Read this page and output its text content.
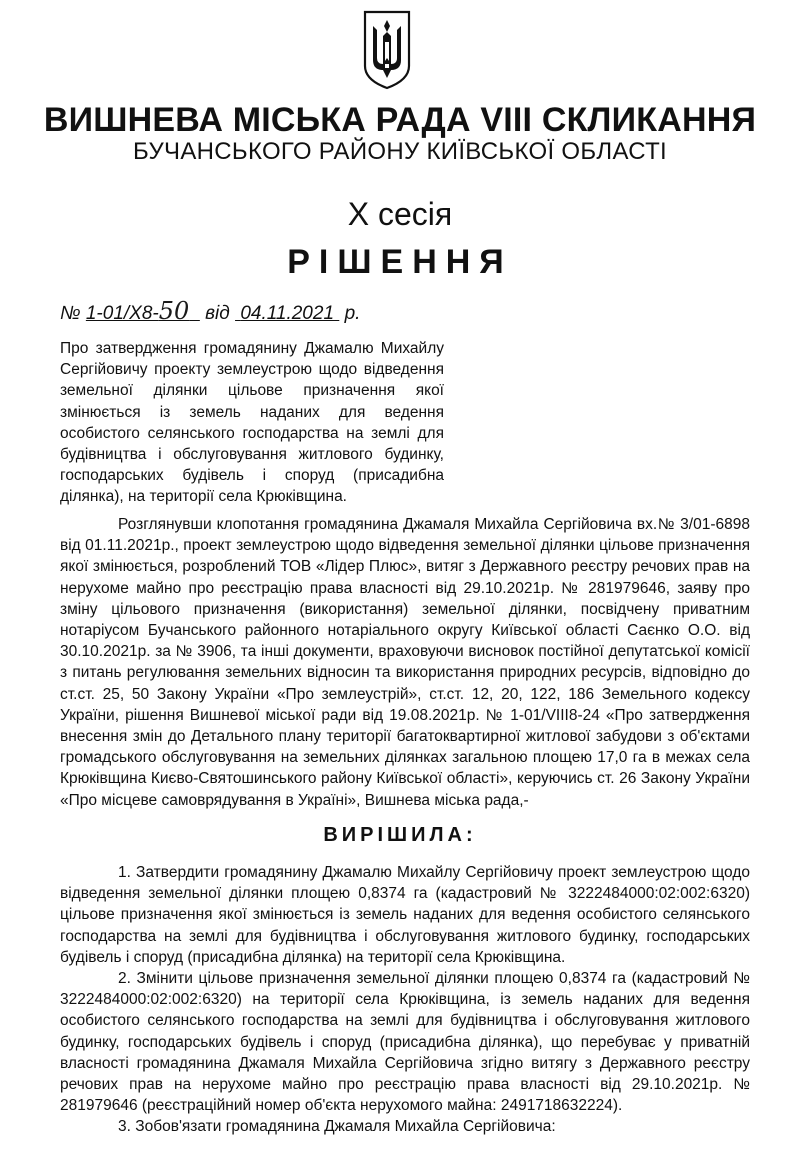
ВИШНЕВА МІСЬКА РАДА VIII СКЛИКАННЯ
БУЧАНСЬКОГО РАЙОНУ КИЇВСЬКОЇ ОБЛАСТІ
Х сесія
РІШЕННЯ
№ 1-01/Х8-50 від 04.11.2021 р.
Про затвердження громадянину Джамалю Михайлу Сергійовичу проекту землеустрою щодо відведення земельної ділянки цільове призначення якої змінюється із земель наданих для ведення особистого селянського господарства на землі для будівництва і обслуговування житлового будинку, господарських будівель і споруд (присадибна ділянка), на території села Крюківщина.
Розглянувши клопотання громадянина Джамаля Михайла Сергійовича вх.№ 3/01-6898 від 01.11.2021р., проект землеустрою щодо відведення земельної ділянки цільове призначення якої змінюється, розроблений ТОВ «Лідер Плюс», витяг з Державного реєстру речових прав на нерухоме майно про реєстрацію права власності від 29.10.2021р. № 281979646, заяву про зміну цільового призначення (використання) земельної ділянки, посвідчену приватним нотаріусом Бучанського районного нотаріального округу Київської області Саєнко О.О. від 30.10.2021р. за № 3906, та інші документи, враховуючи висновок постійної депутатської комісії з питань регулювання земельних відносин та використання природних ресурсів, відповідно до ст.ст. 25, 50 Закону України «Про землеустрій», ст.ст. 12, 20, 122, 186 Земельного кодексу України, рішення Вишневої міської ради від 19.08.2021р. № 1-01/VIII8-24 «Про затвердження внесення змін до Детального плану території багатоквартирної житлової забудови з об'єктами громадського обслуговування на земельних ділянках загальною площею 17,0 га в межах села Крюківщина Києво-Святошинського району Київської області», керуючись ст. 26 Закону України «Про місцеве самоврядування в Україні», Вишнева міська рада,-
ВИРІШИЛА:

1. Затвердити громадянину Джамалю Михайлу Сергійовичу проект землеустрою щодо відведення земельної ділянки площею 0,8374 га (кадастровий № 3222484000:02:002:6320) цільове призначення якої змінюється із земель наданих для ведення особистого селянського господарства на землі для будівництва і обслуговування житлового будинку, господарських будівель і споруд (присадибна ділянка) на території села Крюківщина.

2. Змінити цільове призначення земельної ділянки площею 0,8374 га (кадастровий № 3222484000:02:002:6320) на території села Крюківщина, із земель наданих для ведення особистого селянського господарства на землі для будівництва і обслуговування житлового будинку, господарських будівель і споруд (присадибна ділянка), що перебуває у приватній власності громадянина Джамаля Михайла Сергійовича згідно витягу з Державного реєстру речових прав на нерухоме майно про реєстрацію права власності від 29.10.2021р. № 281979646 (реєстраційний номер об'єкта нерухомого майна: 2491718632224).

3. Зобов'язати громадянина Джамаля Михайла Сергійовича:
